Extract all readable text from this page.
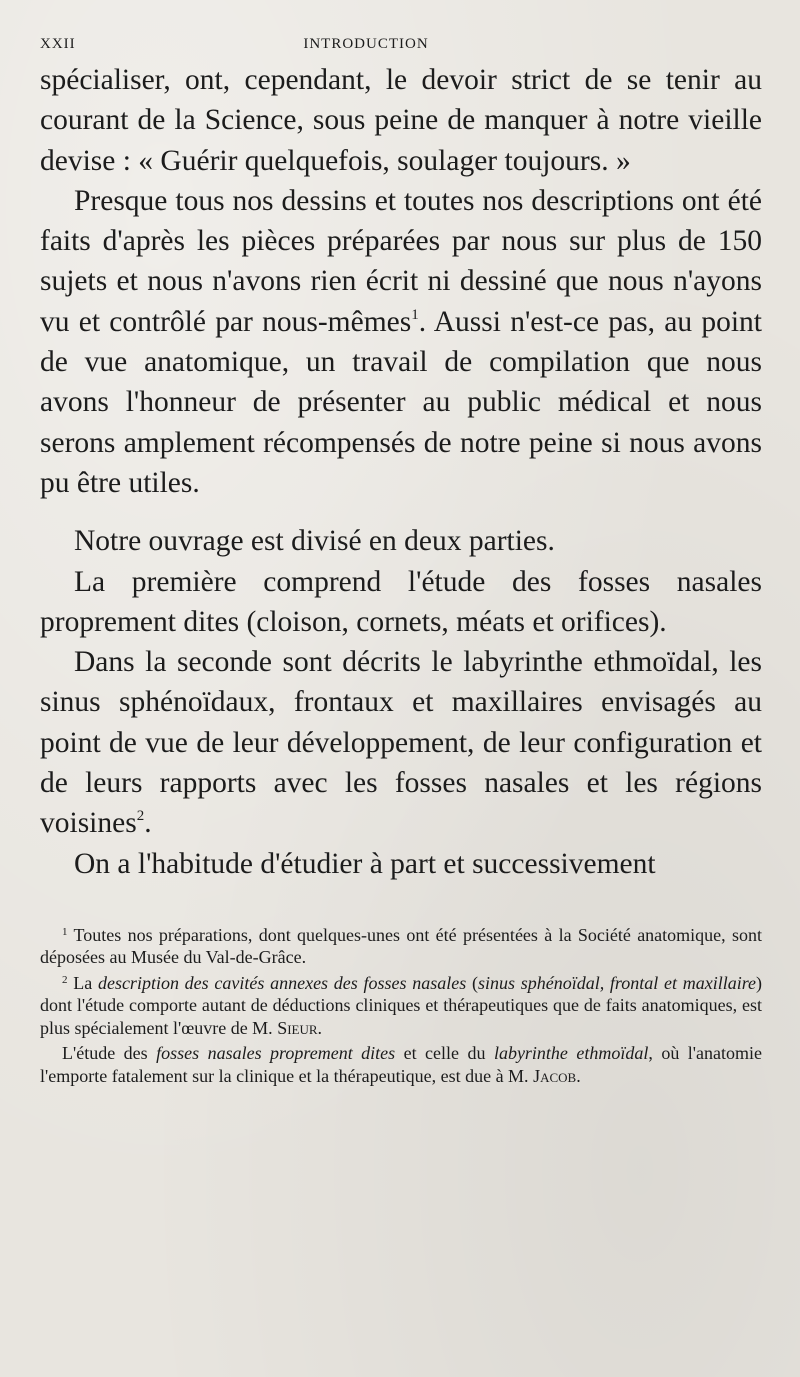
XXII	INTRODUCTION

spécialiser, ont, cependant, le devoir strict de se tenir au courant de la Science, sous peine de manquer à notre vieille devise : « Guérir quelquefois, soulager toujours. »

Presque tous nos dessins et toutes nos descriptions ont été faits d'après les pièces préparées par nous sur plus de 150 sujets et nous n'avons rien écrit ni dessiné que nous n'ayons vu et contrôlé par nous-mêmes$^1$. Aussi n'est-ce pas, au point de vue anatomique, un travail de compilation que nous avons l'honneur de présenter au public médical et nous serons amplement récompensés de notre peine si nous avons pu être utiles.

Notre ouvrage est divisé en deux parties.

La première comprend l'étude des fosses nasales proprement dites (cloison, cornets, méats et orifices).

Dans la seconde sont décrits le labyrinthe ethmoïdal, les sinus sphénoïdaux, frontaux et maxillaires envisagés au point de vue de leur développement, de leur configuration et de leurs rapports avec les fosses nasales et les régions voisines$^2$.

On a l'habitude d'étudier à part et successivement

$^1$ Toutes nos préparations, dont quelques-unes ont été présentées à la Société anatomique, sont déposées au Musée du Val-de-Grâce.

$^2$ La description des cavités annexes des fosses nasales (sinus sphénoïdal, frontal et maxillaire) dont l'étude comporte autant de déductions cliniques et thérapeutiques que de faits anatomiques, est plus spécialement l'œuvre de M. Sieur.

L'étude des fosses nasales proprement dites et celle du labyrinthe ethmoïdal, où l'anatomie l'emporte fatalement sur la clinique et la thérapeutique, est due à M. Jacob.
